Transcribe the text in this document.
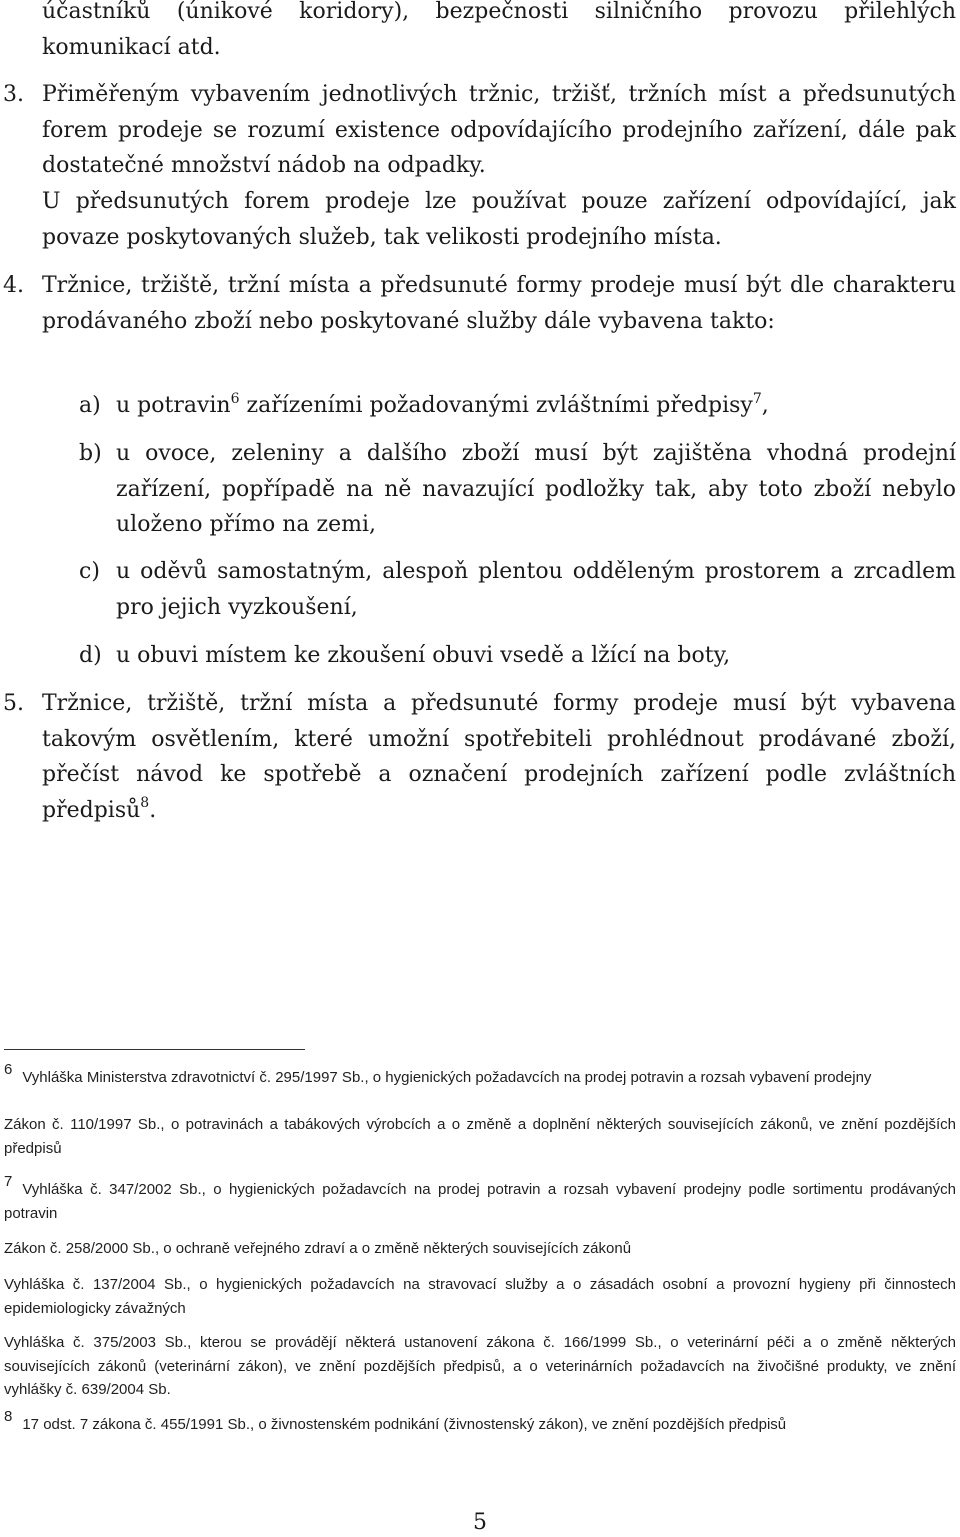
účastníků (únikové koridory), bezpečnosti silničního provozu přilehlých komunikací atd.
3. Přiměřeným vybavením jednotlivých tržnic, tržišť, tržních míst a předsunutých forem prodeje se rozumí existence odpovídajícího prodejního zařízení, dále pak dostatečné množství nádob na odpadky.
U předsunutých forem prodeje lze používat pouze zařízení odpovídající, jak povaze poskytovaných služeb, tak velikosti prodejního místa.
4. Tržnice, tržiště, tržní místa a předsunuté formy prodeje musí být dle charakteru prodávaného zboží nebo poskytované služby dále vybavena takto:
a) u potravin$^6$ zařízeními požadovanými zvláštními předpisy$^7$,
b) u ovoce, zeleniny a dalšího zboží musí být zajištěna vhodná prodejní zařízení, popřípadě na ně navazující podložky tak, aby toto zboží nebylo uloženo přímo na zemi,
c) u oděvů samostatným, alespoň plentou odděleným prostorem a zrcadlem pro jejich vyzkoušení,
d) u obuvi místem ke zkoušení obuvi vsedě a lžící na boty,
5. Tržnice, tržiště, tržní místa a předsunuté formy prodeje musí být vybavena takovým osvětlením, které umožní spotřebiteli prohlédnout prodávané zboží, přečíst návod ke spotřebě a označení prodejních zařízení podle zvláštních předpisů$^8$.
6 Vyhláška Ministerstva zdravotnictví č. 295/1997 Sb., o hygienických požadavcích na prodej potravin a rozsah vybavení prodejny
Zákon č. 110/1997 Sb., o potravinách a tabákových výrobcích a o změně a doplnění některých souvisejících zákonů, ve znění pozdějších předpisů
7 Vyhláška č. 347/2002 Sb., o hygienických požadavcích na prodej potravin a rozsah vybavení prodejny podle sortimentu prodávaných potravin
Zákon č. 258/2000 Sb., o ochraně veřejného zdraví a o změně některých souvisejících zákonů
Vyhláška č. 137/2004 Sb., o hygienických požadavcích na stravovací služby a o zásadách osobní a provozní hygieny při činnostech epidemiologicky závažných
Vyhláška č. 375/2003 Sb., kterou se provádějí některá ustanovení zákona č. 166/1999 Sb., o veterinární péči a o změně některých souvisejících zákonů (veterinární zákon), ve znění pozdějších předpisů, a o veterinárních požadavcích na živočišné produkty, ve znění vyhlášky č. 639/2004 Sb.
8 17 odst. 7 zákona č. 455/1991 Sb., o živnostenském podnikání (živnostenský zákon), ve znění pozdějších předpisů
5
